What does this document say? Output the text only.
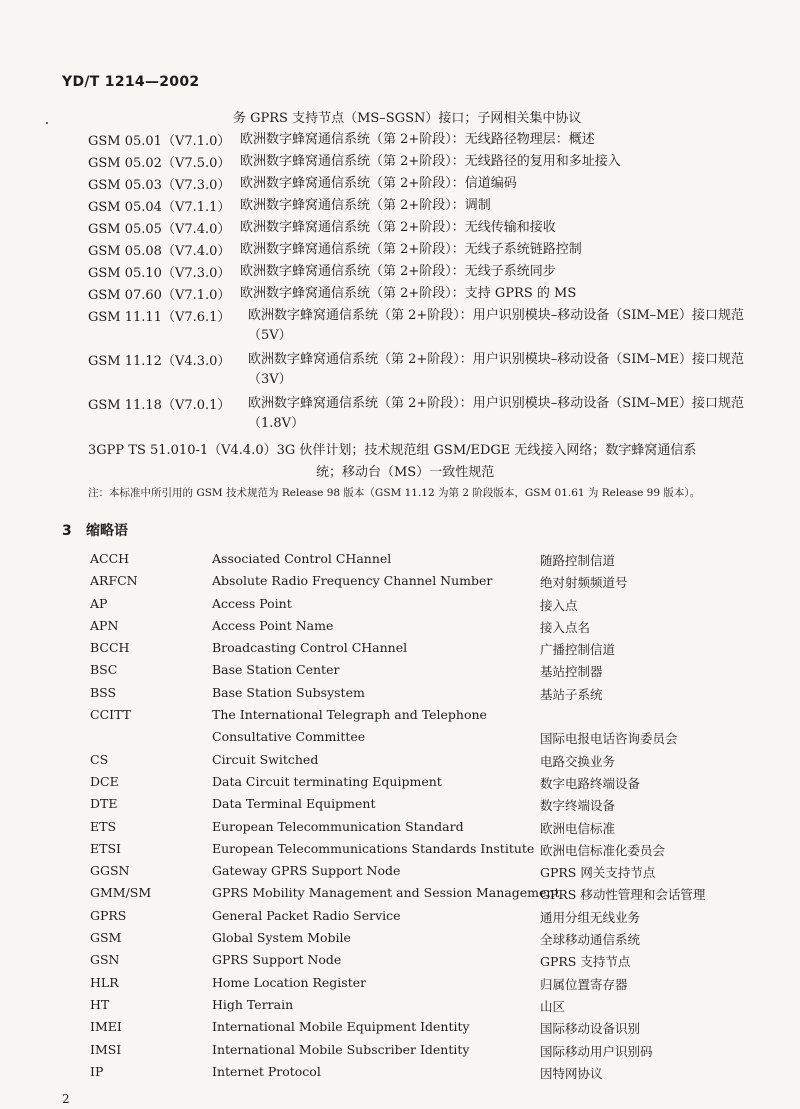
YD/T 1214—2002
务 GPRS 支持节点（MS–SGSN）接口；子网相关集中协议
GSM 05.01（V7.1.0） 欧洲数字蜂窝通信系统（第 2+阶段）：无线路径物理层：概述
GSM 05.02（V7.5.0） 欧洲数字蜂窝通信系统（第 2+阶段）：无线路径的复用和多址接入
GSM 05.03（V7.3.0） 欧洲数字蜂窝通信系统（第 2+阶段）：信道编码
GSM 05.04（V7.1.1） 欧洲数字蜂窝通信系统（第 2+阶段）：调制
GSM 05.05（V7.4.0） 欧洲数字蜂窝通信系统（第 2+阶段）：无线传输和接收
GSM 05.08（V7.4.0） 欧洲数字蜂窝通信系统（第 2+阶段）：无线子系统链路控制
GSM 05.10（V7.3.0） 欧洲数字蜂窝通信系统（第 2+阶段）：无线子系统同步
GSM 07.60（V7.1.0） 欧洲数字蜂窝通信系统（第 2+阶段）：支持 GPRS 的 MS
GSM 11.11（V7.6.1） 欧洲数字蜂窝通信系统（第 2+阶段）：用户识别模块–移动设备（SIM–ME）接口规范（5V）
GSM 11.12（V4.3.0） 欧洲数字蜂窝通信系统（第 2+阶段）：用户识别模块–移动设备（SIM–ME）接口规范（3V）
GSM 11.18（V7.0.1） 欧洲数字蜂窝通信系统（第 2+阶段）：用户识别模块–移动设备（SIM–ME）接口规范（1.8V）
3GPP TS 51.010-1（V4.4.0）3G 伙伴计划；技术规范组 GSM/EDGE 无线接入网络；数字蜂窝通信系
统；移动台（MS）一致性规范
注：本标准中所引用的 GSM 技术规范为 Release 98 版本（GSM 11.12 为第 2 阶段版本，GSM 01.61 为 Release 99 版本）。
3 缩略语
ACCH	Associated Control CHannel	随路控制信道
ARFCN	Absolute Radio Frequency Channel Number	绝对射频频道号
AP	Access Point	接入点
APN	Access Point Name	接入点名
BCCH	Broadcasting Control CHannel	广播控制信道
BSC	Base Station Center	基站控制器
BSS	Base Station Subsystem	基站子系统
CCITT	The International Telegraph and Telephone
Consultative Committee	国际电报电话咨询委员会
CS	Circuit Switched	电路交换业务
DCE	Data Circuit terminating Equipment	数字电路终端设备
DTE	Data Terminal Equipment	数字终端设备
ETS	European Telecommunication Standard	欧洲电信标准
ETSI	European Telecommunications Standards Institute 欧洲电信标准化委员会
GGSN	Gateway GPRS Support Node	GPRS 网关支持节点
GMM/SM	GPRS Mobility Management and Session Management
GPRS 移动性管理和会话管理
GPRS	General Packet Radio Service	通用分组无线业务
GSM	Global System Mobile	全球移动通信系统
GSN	GPRS Support Node	GPRS 支持节点
HLR	Home Location Register	归属位置寄存器
HT	High Terrain	山区
IMEI	International Mobile Equipment Identity	国际移动设备识别
IMSI	International Mobile Subscriber Identity	国际移动用户识别码
IP	Internet Protocol	因特网协议
2
